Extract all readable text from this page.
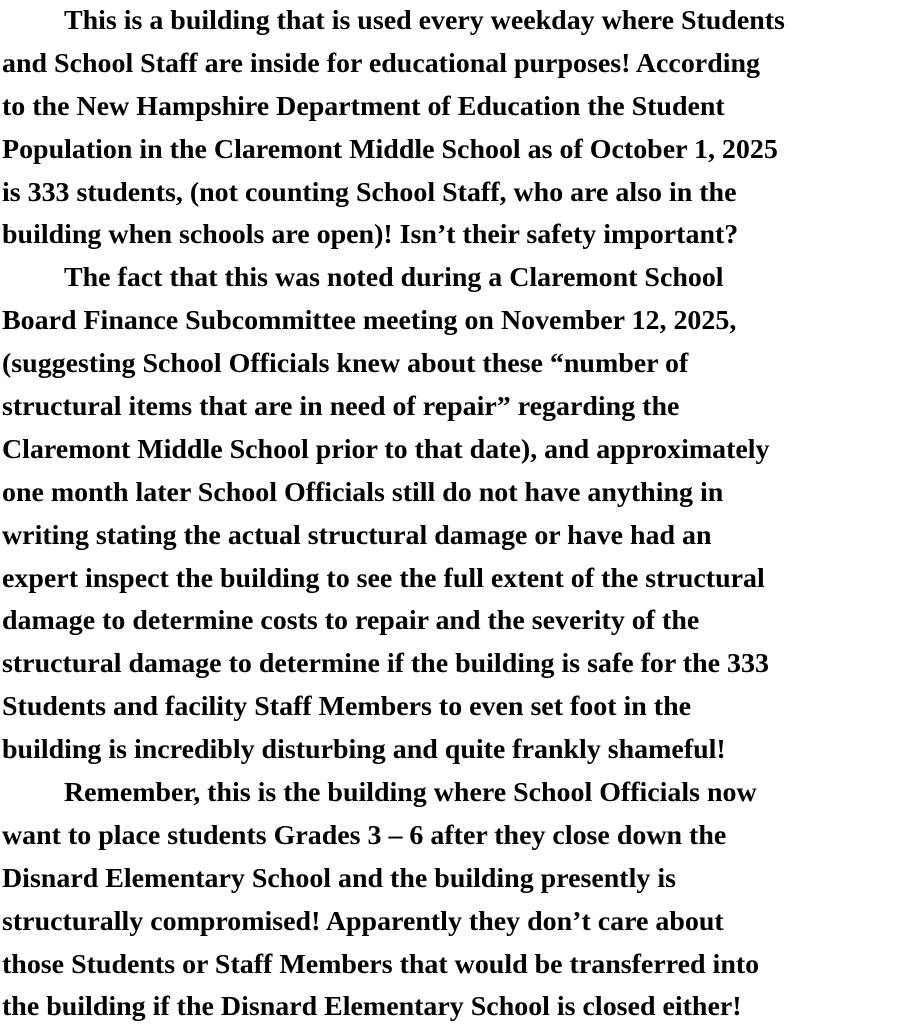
This is a building that is used every weekday where Students
and School Staff are inside for educational purposes! According
to the New Hampshire Department of Education the Student
Population in the Claremont Middle School as of October 1, 2025
is 333 students, (not counting School Staff, who are also in the
building when schools are open)! Isn’t their safety important?
The fact that this was noted during a Claremont School
Board Finance Subcommittee meeting on November 12, 2025,
(suggesting School Officials knew about these “number of
structural items that are in need of repair” regarding the
Claremont Middle School prior to that date), and approximately
one month later School Officials still do not have anything in
writing stating the actual structural damage or have had an
expert inspect the building to see the full extent of the structural
damage to determine costs to repair and the severity of the
structural damage to determine if the building is safe for the 333
Students and facility Staff Members to even set foot in the
building is incredibly disturbing and quite frankly shameful!
Remember, this is the building where School Officials now
want to place students Grades 3 – 6 after they close down the
Disnard Elementary School and the building presently is
structurally compromised! Apparently they don’t care about
those Students or Staff Members that would be transferred into
the building if the Disnard Elementary School is closed either!
